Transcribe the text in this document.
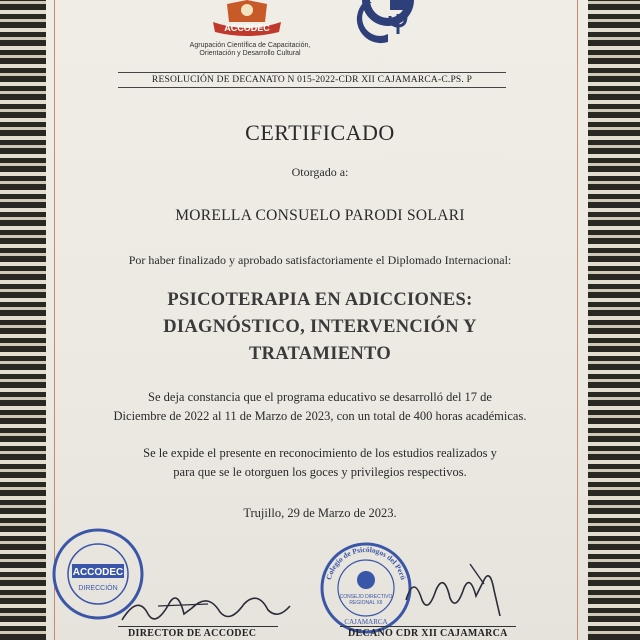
ACCODEC
Agrupación Científica de Capacitación,
Orientación y Desarrollo Cultural
RESOLUCIÓN DE DECANATO N 015-2022-CDR XII CAJAMARCA-C.PS. P
CERTIFICADO
Otorgado a:
MORELLA CONSUELO PARODI SOLARI
Por haber finalizado y aprobado satisfactoriamente el Diplomado Internacional:
PSICOTERAPIA EN ADICCIONES:
DIAGNÓSTICO, INTERVENCIÓN Y
TRATAMIENTO
Se deja constancia que el programa educativo se desarrolló del 17 de
Diciembre de 2022 al 11 de Marzo de 2023, con un total de 400 horas académicas.
Se le expide el presente en reconocimiento de los estudios realizados y
para que se le otorguen los goces y privilegios respectivos.
Trujillo, 29 de Marzo de 2023.
ACCODEC
DIRECCIÓN
Colegio de Psicólogos del Perú
CONSEJO DIRECTIVO
REGIONAL XII
CAJAMARCA
DIRECTOR DE ACCODEC	DECANO CDR XII CAJAMARCA
